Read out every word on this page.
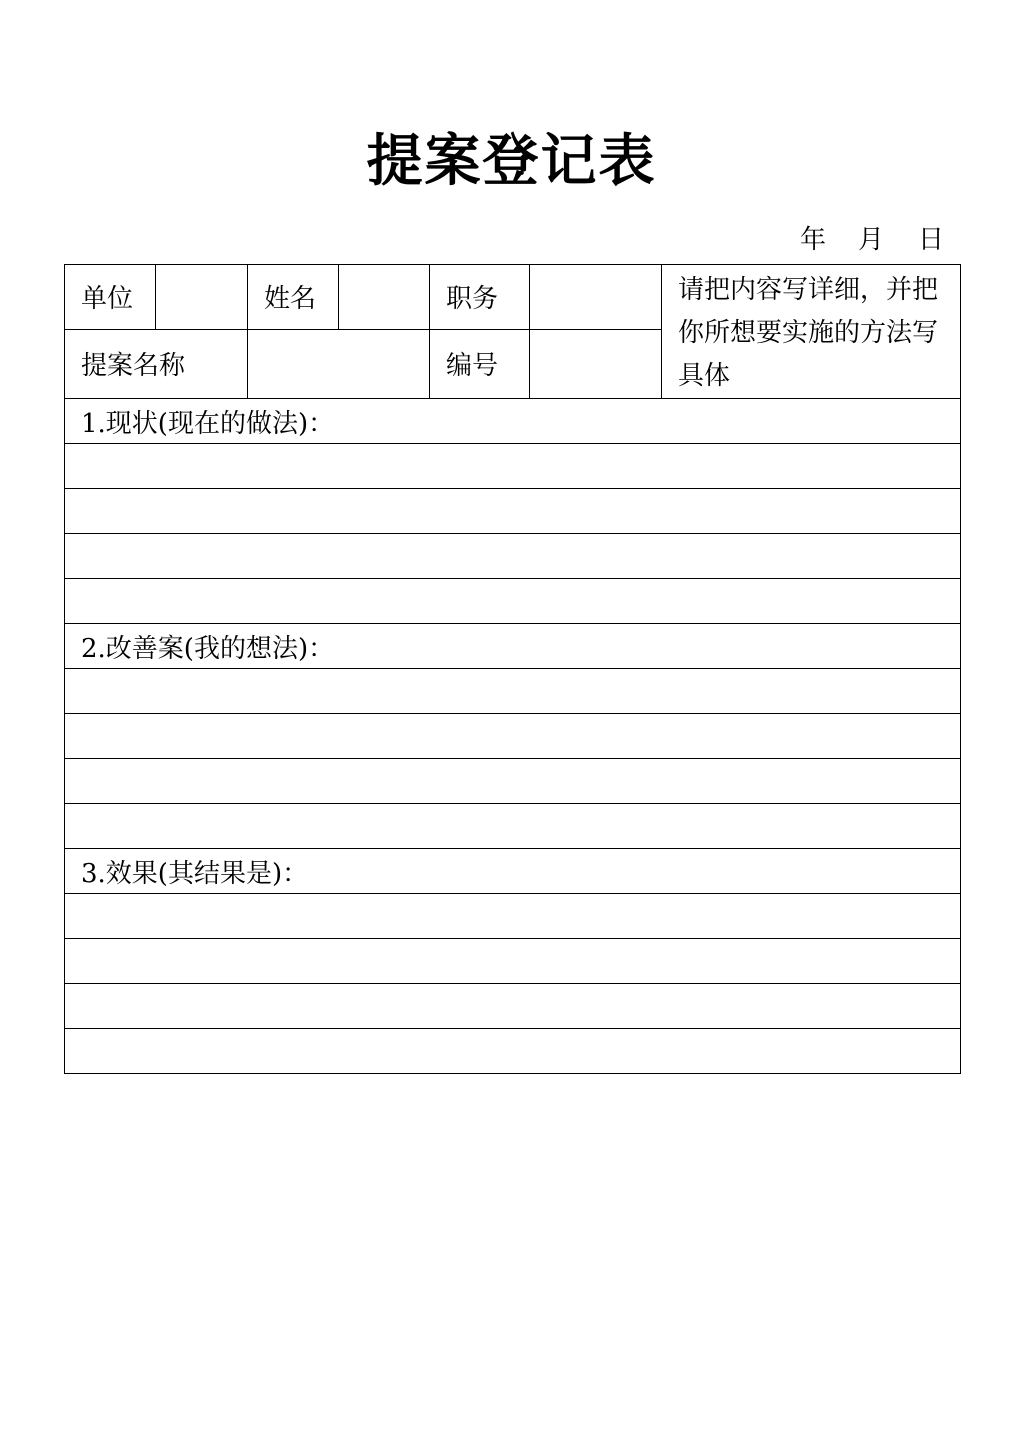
提案登记表
年 月 日
单位		姓名		职务		请把内容写详细，并把你所想要实施的方法写具体
提案名称				编号		
1.现状(现在的做法)：						

2.改善案(我的想法)：						

3.效果(其结果是)：						
